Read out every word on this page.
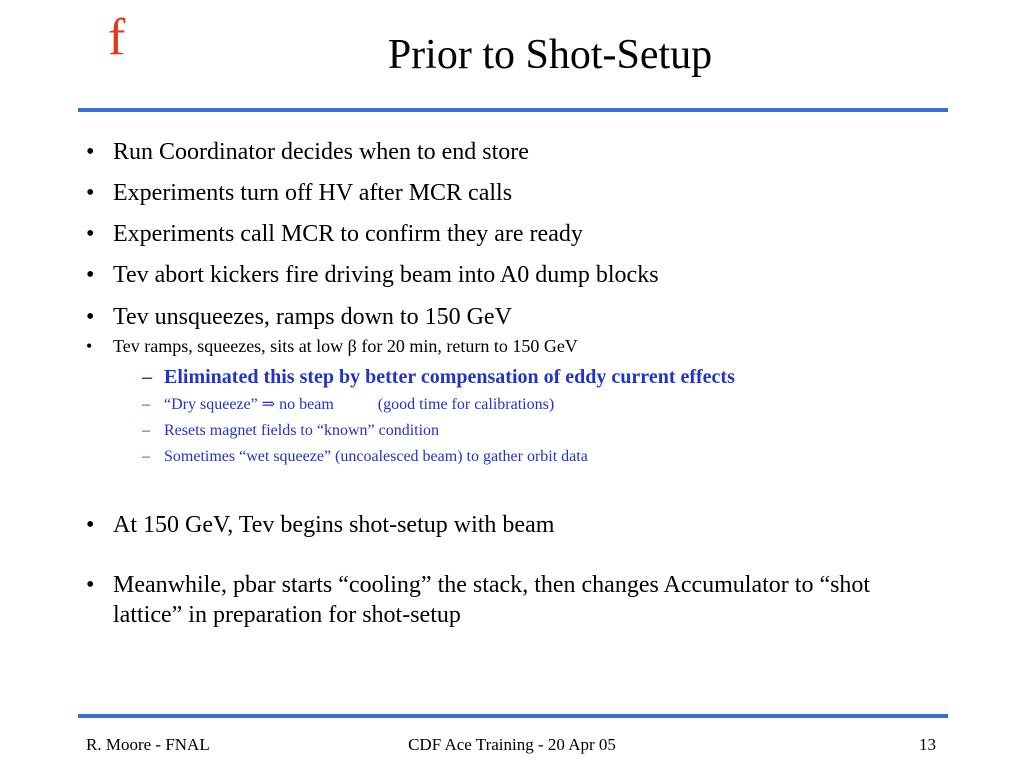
f	Prior to Shot-Setup
• Run Coordinator decides when to end store
• Experiments turn off HV after MCR calls
• Experiments call MCR to confirm they are ready
• Tev abort kickers fire driving beam into A0 dump blocks
• Tev unsqueezes, ramps down to 150 GeV
• Tev ramps, squeezes, sits at low β for 20 min, return to 150 GeV
– Eliminated this step by better compensation of eddy current effects
– “Dry squeeze” ⇒ no beam	(good time for calibrations)
– Resets magnet fields to “known” condition
– Sometimes “wet squeeze” (uncoalesced beam) to gather orbit data
• At 150 GeV, Tev begins shot-setup with beam
• Meanwhile, pbar starts “cooling” the stack, then changes Accumulator to “shot lattice” in preparation for shot-setup
R. Moore - FNAL	CDF Ace Training - 20 Apr 05	13
